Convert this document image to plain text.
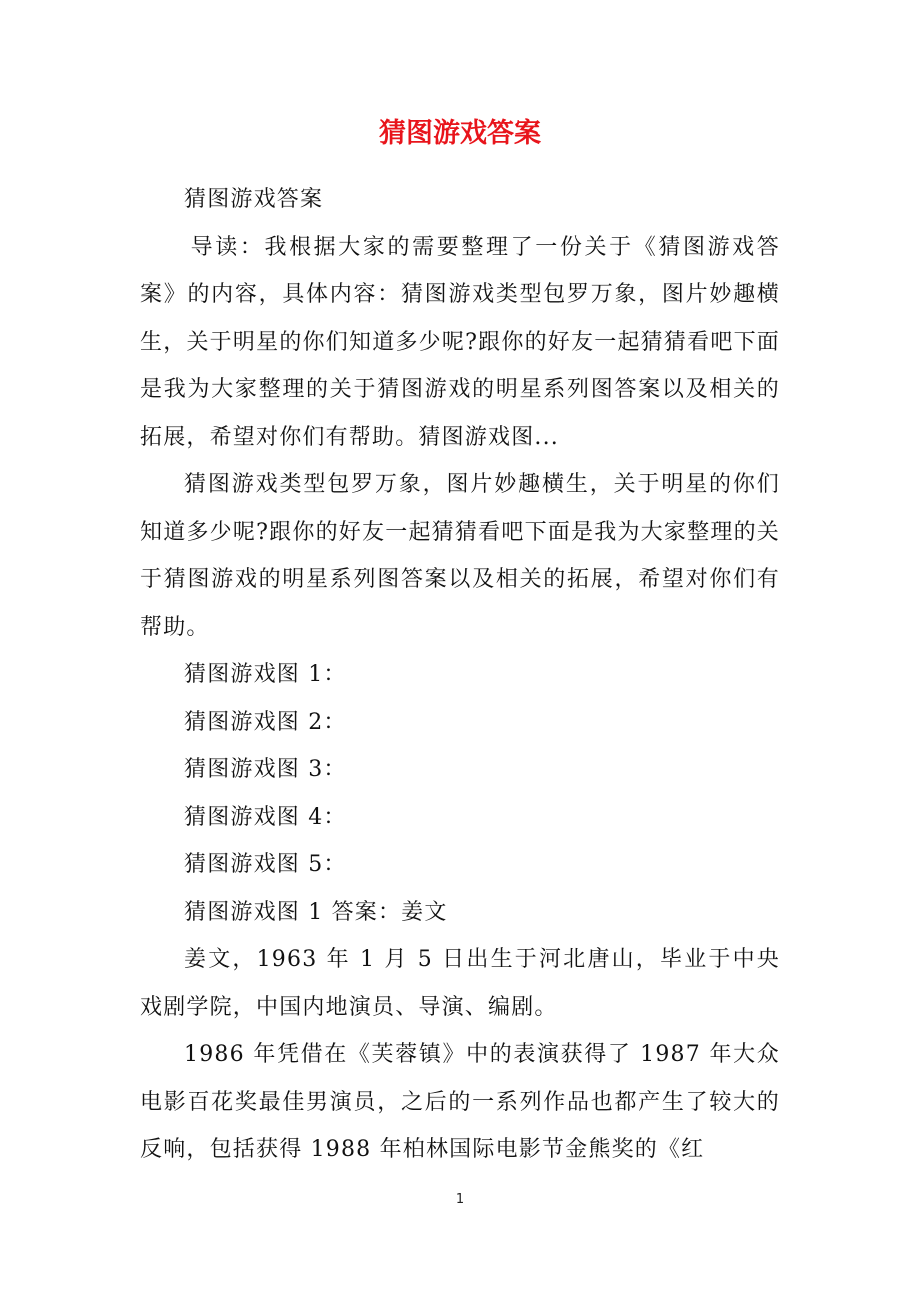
猜图游戏答案

猜图游戏答案

导读：我根据大家的需要整理了一份关于《猜图游戏答案》的内容，具体内容：猜图游戏类型包罗万象，图片妙趣横生，关于明星的你们知道多少呢?跟你的好友一起猜猜看吧下面是我为大家整理的关于猜图游戏的明星系列图答案以及相关的拓展，希望对你们有帮助。猜图游戏图...

猜图游戏类型包罗万象，图片妙趣横生，关于明星的你们知道多少呢?跟你的好友一起猜猜看吧下面是我为大家整理的关于猜图游戏的明星系列图答案以及相关的拓展，希望对你们有帮助。

猜图游戏图 1：

猜图游戏图 2：

猜图游戏图 3：

猜图游戏图 4：

猜图游戏图 5：

猜图游戏图 1 答案：姜文

姜文，1963 年 1 月 5 日出生于河北唐山，毕业于中央戏剧学院，中国内地演员、导演、编剧。

1986 年凭借在《芙蓉镇》中的表演获得了 1987 年大众电影百花奖最佳男演员，之后的一系列作品也都产生了较大的反响，包括获得 1988 年柏林国际电影节金熊奖的《红

1
